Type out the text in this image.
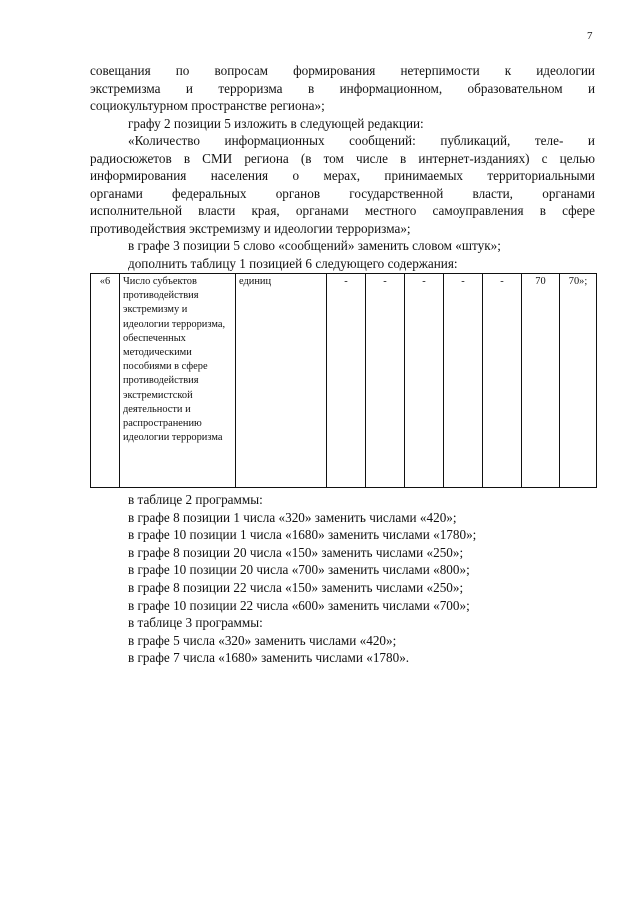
7
совещания по вопросам формирования нетерпимости к идеологии
экстремизма и терроризма в информационном, образовательном и
социокультурном пространстве региона»;
графу 2 позиции 5 изложить в следующей редакции:
«Количество информационных сообщений: публикаций, теле- и
радиосюжетов в СМИ региона (в том числе в интернет-изданиях) с целью
информирования населения о мерах, принимаемых территориальными
органами федеральных органов государственной власти, органами
исполнительной власти края, органами местного самоуправления в сфере
противодействия экстремизму и идеологии терроризма»;
в графе 3 позиции 5 слово «сообщений» заменить словом «штук»;
дополнить таблицу 1 позицией 6 следующего содержания:
«6	Число субъектов противодействия экстремизму и идеологии терроризма, обеспеченных методическими пособиями в сфере противодействия экстремистской деятельности и распространению идеологии терроризма	единиц	-	-	-	-	-	70	70»;
в таблице 2 программы:
в графе 8 позиции 1 числа «320» заменить числами «420»;
в графе 10 позиции 1 числа «1680» заменить числами «1780»;
в графе 8 позиции 20 числа «150» заменить числами «250»;
в графе 10 позиции 20 числа «700» заменить числами «800»;
в графе 8 позиции 22 числа «150» заменить числами «250»;
в графе 10 позиции 22 числа «600» заменить числами «700»;
в таблице 3 программы:
в графе 5 числа «320» заменить числами «420»;
в графе 7 числа «1680» заменить числами «1780».
